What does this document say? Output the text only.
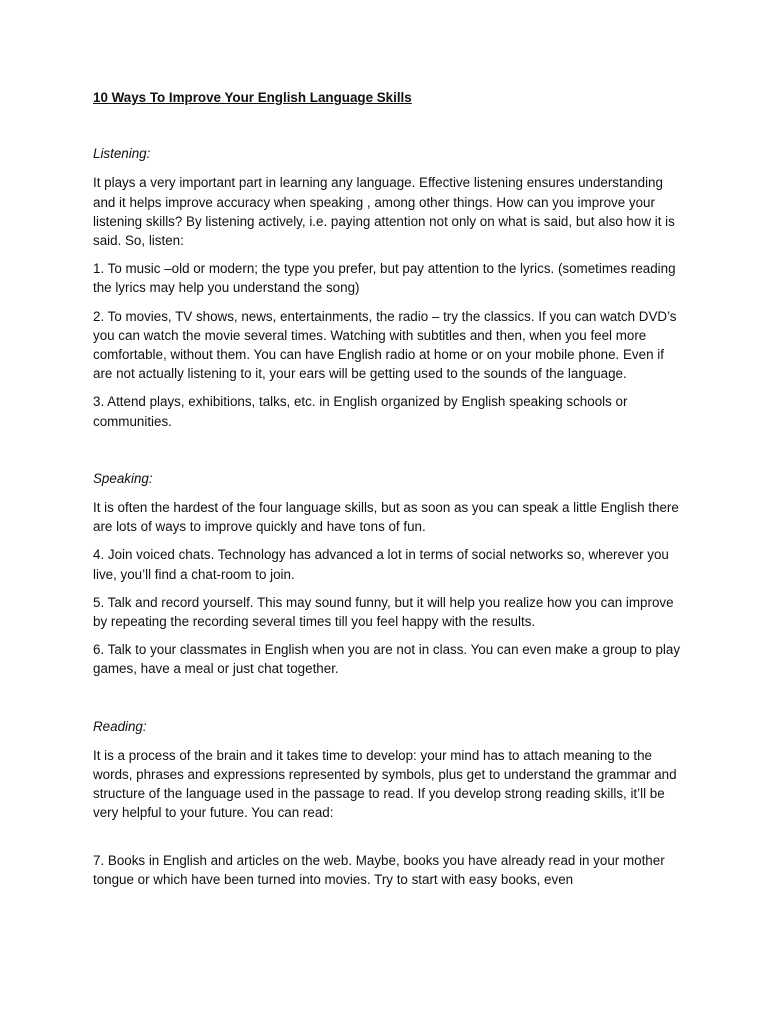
10 Ways To Improve Your English Language Skills

Listening:

It plays a very important part in learning any language. Effective listening ensures understanding and it helps improve accuracy when speaking , among other things. How can you improve your listening skills? By listening actively, i.e. paying attention not only on what is said, but also how it is said. So, listen:

1. To music –old or modern; the type you prefer, but pay attention to the lyrics. (sometimes reading the lyrics may help you understand the song)

2. To movies, TV shows, news, entertainments, the radio – try the classics. If you can watch DVD’s you can watch the movie several times. Watching with subtitles and then, when you feel more comfortable, without them. You can have English radio at home or on your mobile phone. Even if are not actually listening to it, your ears will be getting used to the sounds of the language.

3. Attend plays, exhibitions, talks, etc. in English organized by English speaking schools or communities.

Speaking:

It is often the hardest of the four language skills, but as soon as you can speak a little English there are lots of ways to improve quickly and have tons of fun.

4. Join voiced chats. Technology has advanced a lot in terms of social networks so, wherever you live, you’ll find a chat-room to join.

5. Talk and record yourself. This may sound funny, but it will help you realize how you can improve by repeating the recording several times till you feel happy with the results.

6. Talk to your classmates in English when you are not in class. You can even make a group to play games, have a meal or just chat together.

Reading:

It is a process of the brain and it takes time to develop: your mind has to attach meaning to the words, phrases and expressions represented by symbols, plus get to understand the grammar and structure of the language used in the passage to read. If you develop strong reading skills, it’ll be very helpful to your future. You can read:

7. Books in English and articles on the web. Maybe, books you have already read in your mother tongue or which have been turned into movies. Try to start with easy books, even
